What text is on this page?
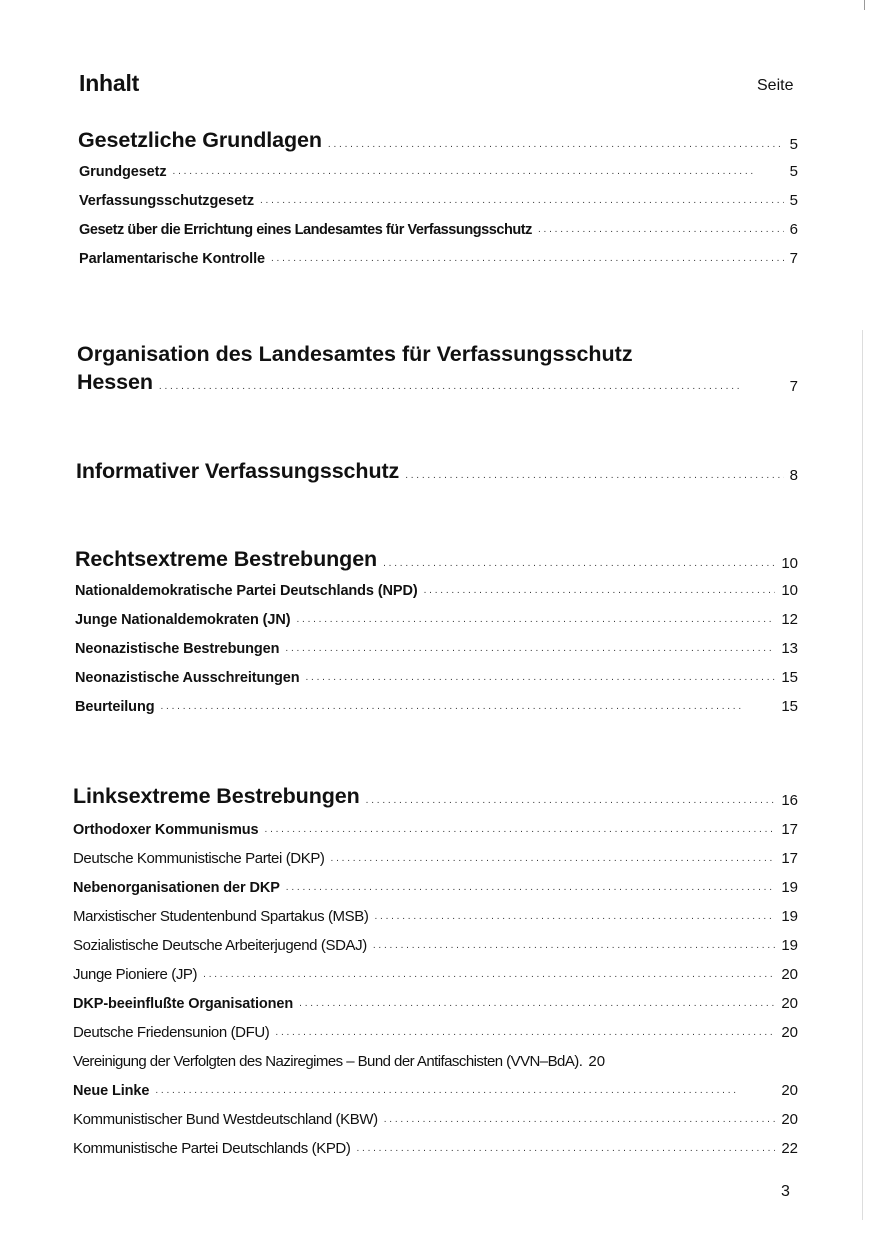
Inhalt	Seite
Gesetzliche Grundlagen . . .	5
Grundgesetz . . .	5
Verfassungsschutzgesetz . . .	5
Gesetz über die Errichtung eines Landesamtes für Verfassungsschutz . . .	6
Parlamentarische Kontrolle . . .	7
Organisation des Landesamtes für Verfassungsschutz
Hessen . . .	7
Informativer Verfassungsschutz . . .	8
Rechtsextreme Bestrebungen . . .	10
Nationaldemokratische Partei Deutschlands (NPD) . . .	10
Junge Nationaldemokraten (JN) . . .	12
Neonazistische Bestrebungen . . .	13
Neonazistische Ausschreitungen . . .	15
Beurteilung . . .	15
Linksextreme Bestrebungen . . .	16
Orthodoxer Kommunismus . . .	17
Deutsche Kommunistische Partei (DKP) . . .	17
Nebenorganisationen der DKP . . .	19
Marxistischer Studentenbund Spartakus (MSB) . . .	19
Sozialistische Deutsche Arbeiterjugend (SDAJ) . . .	19
Junge Pioniere (JP) . . .	20
DKP-beeinflußte Organisationen . . .	20
Deutsche Friedensunion (DFU) . . .	20
Vereinigung der Verfolgten des Naziregimes – Bund der Antifaschisten (VVN–BdA). 20
Neue Linke . . .	20
Kommunistischer Bund Westdeutschland (KBW) . . .	20
Kommunistische Partei Deutschlands (KPD) . . .	22
3
